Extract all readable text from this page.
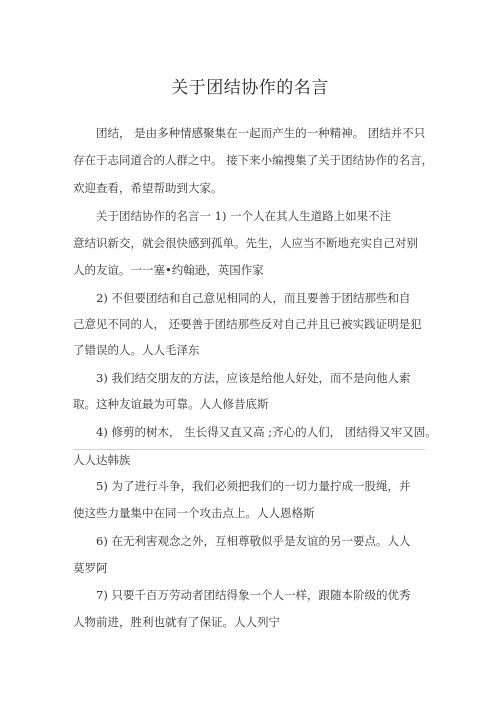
关于团结协作的名言
团结， 是由多种情感聚集在一起而产生的一种精神。 团结并不只
存在于志同道合的人群之中。 接下来小编搜集了关于团结协作的名言，
欢迎查看，希望帮助到大家。
关于团结协作的名言一 1) 一个人在其人生道路上如果不注
意结识新交，就会很快感到孤单。先生，人应当不断地充实自己对别
人的友谊。一一塞•约翰逊，英国作家
2) 不但要团结和自己意见相同的人，而且要善于团结那些和自
己意见不同的人， 还要善于团结那些反对自己并且已被实践证明是犯
了错误的人。人人毛泽东
3) 我们结交朋友的方法，应该是给他人好处，而不是向他人索
取。这种友谊最为可靠。人人修昔底斯
4) 修剪的树木， 生长得又直又高 ;齐心的人们， 团结得又牢又固。
人人达韩族
5) 为了进行斗争，我们必须把我们的一切力量拧成一股绳，并
使这些力量集中在同一个攻击点上。人人恩格斯
6) 在无利害观念之外，互相尊敬似乎是友谊的另一要点。人人
莫罗阿
7) 只要千百万劳动者团结得象一个人一样，跟随本阶级的优秀
人物前进，胜利也就有了保证。人人列宁
